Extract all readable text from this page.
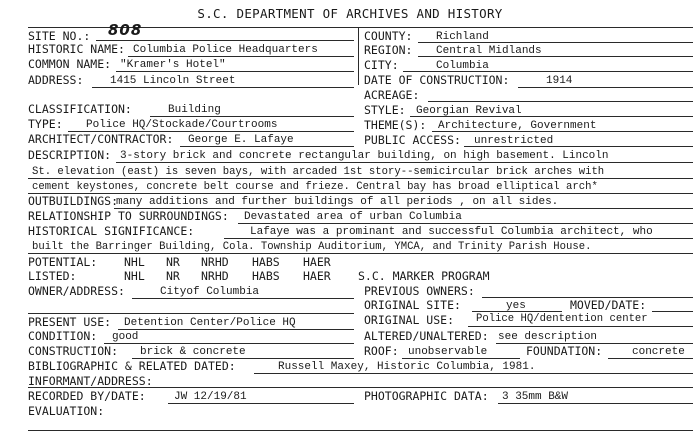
S.C. DEPARTMENT OF ARCHIVES AND HISTORY
SITE NO.: 808	COUNTY: Richland
HISTORIC NAME: Columbia Police Headquarters	REGION: Central Midlands
COMMON NAME: "Kramer's Hotel"	CITY:	Columbia
ADDRESS: 1415 Lincoln Street	DATE OF CONSTRUCTION:	1914
ACREAGE:
CLASSIFICATION:	Building	STYLE: Georgian Revival
TYPE: Police HQ/Stockade/Courtrooms	THEME(S): Architecture, Government
ARCHITECT/CONTRACTOR: George E. Lafaye	PUBLIC ACCESS: unrestricted
DESCRIPTION: 3-story brick and concrete rectangular building, on high basement. Lincoln
St. elevation (east) is seven bays, with arcaded 1st story--semicircular brick arches with
cement keystones, concrete belt course and frieze. Central bay has broad elliptical arch*
OUTBUILDINGS:
many additions and further buildings of all periods , on all sides.
RELATIONSHIP TO SURROUNDINGS: Devastated area of urban Columbia
HISTORICAL SIGNIFICANCE:	Lafaye was a prominant and successful Columbia architect, who
built the Barringer Building, Cola. Township Auditorium, YMCA, and Trinity Parish House.
POTENTIAL: NHL NR NRHD HABS HAER
LISTED:	NHL NR NRHD HABS HAER S.C. MARKER PROGRAM
OWNER/ADDRESS:	Cityof Columbia	PREVIOUS OWNERS:
ORIGINAL SITE:	yes	MOVED/DATE:
PRESENT USE: Detention Center/Police HQ	ORIGINAL USE: Police HQ/dentention center
CONDITION: good	ALTERED/UNALTERED: see description
CONSTRUCTION: brick & concrete	ROOF: unobservable	FOUNDATION:	concrete
BIBLIOGRAPHIC & RELATED DATED:	Russell Maxey, Historic Columbia, 1981.
INFORMANT/ADDRESS:
RECORDED BY/DATE:	JW 12/19/81	PHOTOGRAPHIC DATA: 3 35mm B&W
EVALUATION:
